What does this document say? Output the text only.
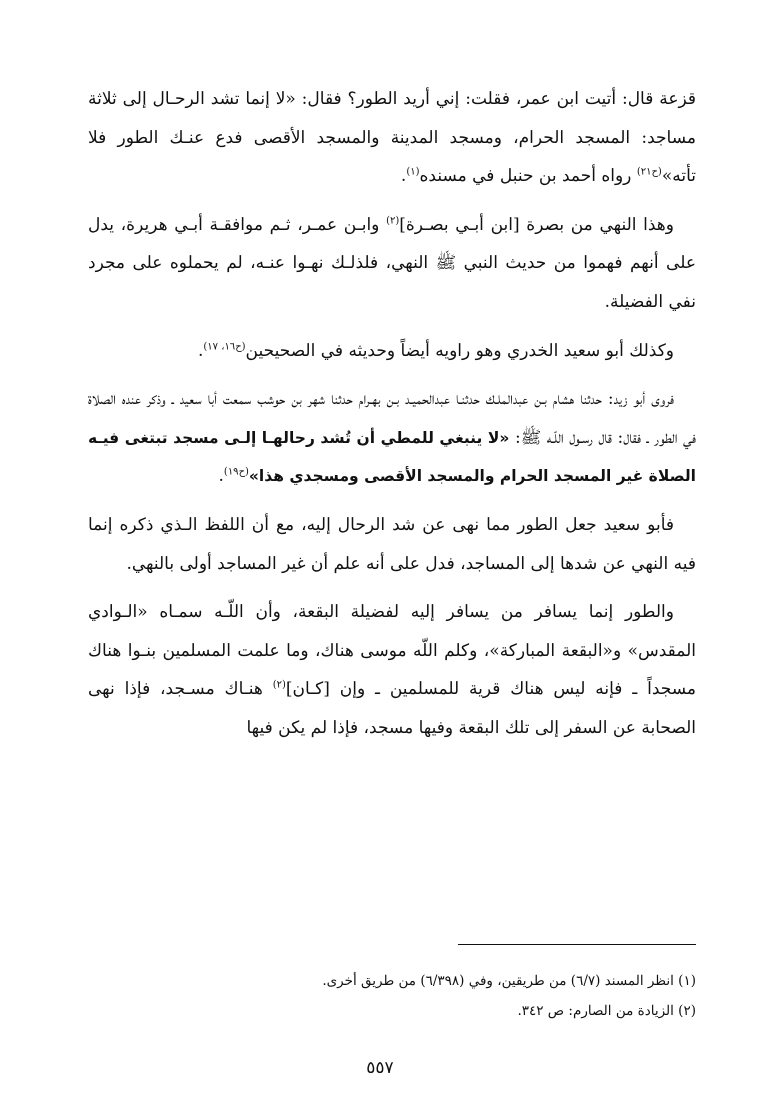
قزعة قال: أتيت ابن عمر، فقلت: إني أريد الطور؟ فقال: «لا إنما تشد الرحـال إلى ثلاثة مساجد: المسجد الحرام، ومسجد المدينة والمسجد الأقصى فدع عنـك الطور فلا تأته»$^{(ح٢١)}$ رواه أحمد بن حنبل في مسنده$^{(١)}$.

وهذا النهي من بصرة [ابن أبـي بصـرة]$^{(٢)}$ وابـن عمـر، ثـم موافقـة أبـي هريرة، يدل على أنهم فهموا من حديث النبي ﷺ النهي، فلذلـك نهـوا عنـه، لم يحملوه على مجرد نفي الفضيلة.

وكذلك أبو سعيد الخدري وهو راويه أيضاً وحديثه في الصحيحين$^{(ح١٦، ١٧)}$.

فروى أبو زيد: حدثنا هشام بـن عبدالملـك حدثنـا عبدالحميـد بـن بهـرام حدثنا شهر بن حوشب سمعت أبا سعيد ـ وذكر عنده الصلاة في الطور ـ فقال: قال رسـول اللّـه ﷺ: «لا ينبغي للمطي أن تُشد رحالهـا إلـى مسجد تبتغى فيـه الصلاة غير المسجد الحرام والمسجد الأقصى ومسجدي هذا»$^{(ح١٩)}$.

فأبو سعيد جعل الطور مما نهى عن شد الرحال إليه، مع أن اللفظ الـذي ذكره إنما فيه النهي عن شدها إلى المساجد، فدل على أنه علم أن غير المساجد أولى بالنهي.

والطور إنما يسافر من يسافر إليه لفضيلة البقعة، وأن اللّـه سمـاه «الـوادي المقدس» و«البقعة المباركة»، وكلم اللّه موسى هناك، وما علمت المسلمين بنـوا هناك مسجداً ـ فإنه ليس هناك قرية للمسلمين ـ وإن [كـان]$^{(٢)}$ هنـاك مسـجد، فإذا نهى الصحابة عن السفر إلى تلك البقعة وفيها مسجد، فإذا لم يكن فيها

(١) انظر المسند (٦/٧) من طريقين، وفي (٦/٣٩٨) من طريق أخرى.

(٢) الزيادة من الصارم: ص ٣٤٢.

٥٥٧
